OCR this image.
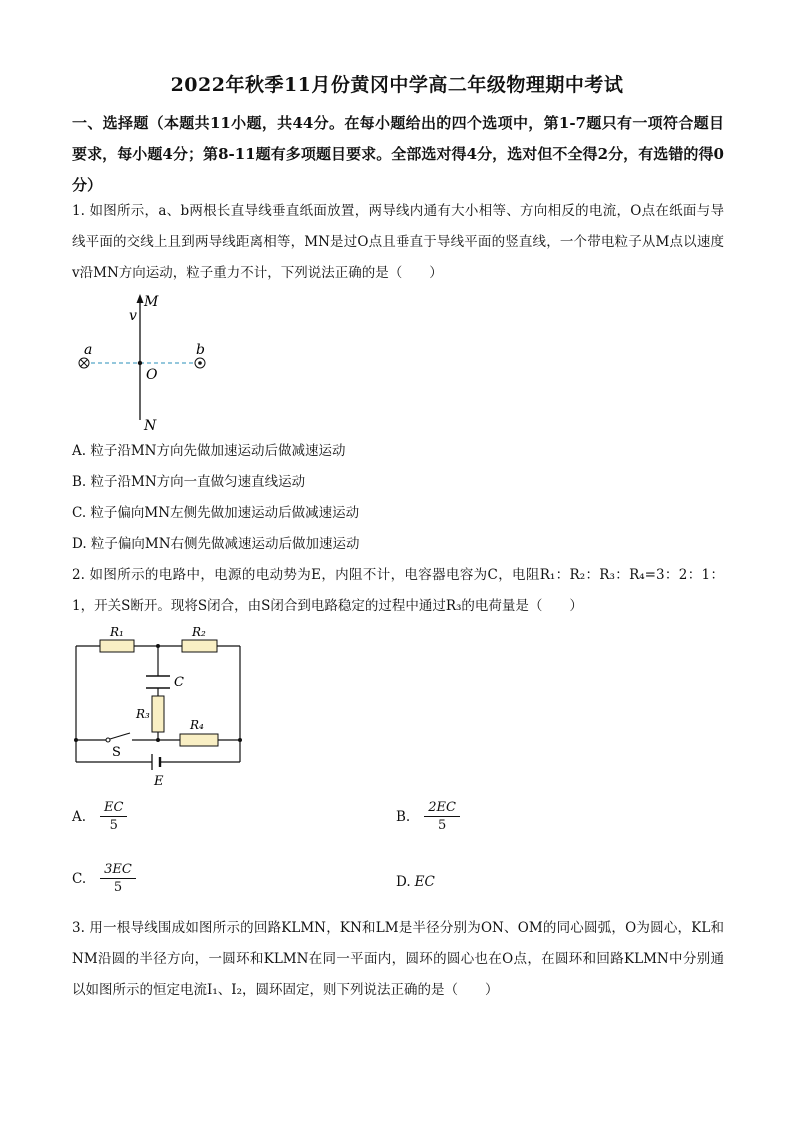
2022年秋季11月份黄冈中学高二年级物理期中考试
一、选择题（本题共11小题，共44分。在每小题给出的四个选项中，第1-7题只有一项符合题目要求，每小题4分；第8-11题有多项题目要求。全部选对得4分，选对但不全得2分，有选错的得0分）
1. 如图所示，a、b两根长直导线垂直纸面放置，两导线内通有大小相等、方向相反的电流，O点在纸面与导线平面的交线上且到两导线距离相等，MN是过O点且垂直于导线平面的竖直线，一个带电粒子从M点以速度v沿MN方向运动，粒子重力不计，下列说法正确的是（　　）
M
v
a	b
O
N
A. 粒子沿MN方向先做加速运动后做减速运动
B. 粒子沿MN方向一直做匀速直线运动
C. 粒子偏向MN左侧先做加速运动后做减速运动
D. 粒子偏向MN右侧先做减速运动后做加速运动
2. 如图所示的电路中，电源的电动势为E，内阻不计，电容器电容为C，电阻R₁：R₂：R₃：R₄=3：2：1：1，开关S断开。现将S闭合，由S闭合到电路稳定的过程中通过R₃的电荷量是（　　）
R₁	R₂
C
R₃
R₄
S
E
A. $\frac{EC}{5}$	B. $\frac{2EC}{5}$
C. $\frac{3EC}{5}$	D. EC
3. 用一根导线围成如图所示的回路KLMN，KN和LM是半径分别为ON、OM的同心圆弧，O为圆心，KL和NM沿圆的半径方向，一圆环和KLMN在同一平面内，圆环的圆心也在O点，在圆环和回路KLMN中分别通以如图所示的恒定电流I₁、I₂，圆环固定，则下列说法正确的是（　　）
